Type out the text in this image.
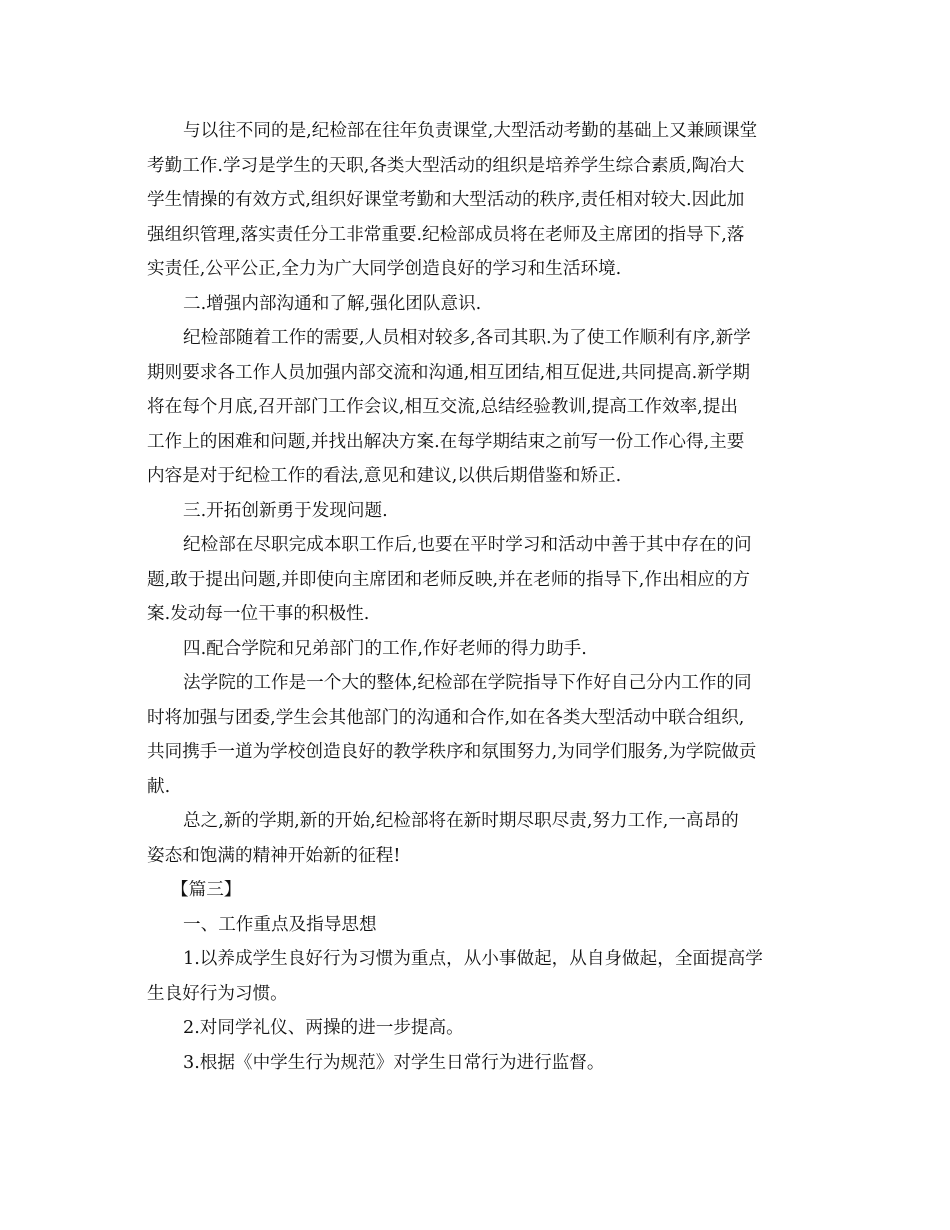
与以往不同的是,纪检部在往年负责课堂,大型活动考勤的基础上又兼顾课堂
考勤工作.学习是学生的天职,各类大型活动的组织是培养学生综合素质,陶冶大
学生情操的有效方式,组织好课堂考勤和大型活动的秩序,责任相对较大.因此加
强组织管理,落实责任分工非常重要.纪检部成员将在老师及主席团的指导下,落
实责任,公平公正,全力为广大同学创造良好的学习和生活环境.
二.增强内部沟通和了解,强化团队意识.
纪检部随着工作的需要,人员相对较多,各司其职.为了使工作顺利有序,新学
期则要求各工作人员加强内部交流和沟通,相互团结,相互促进,共同提高.新学期
将在每个月底,召开部门工作会议,相互交流,总结经验教训,提高工作效率,提出
工作上的困难和问题,并找出解决方案.在每学期结束之前写一份工作心得,主要
内容是对于纪检工作的看法,意见和建议,以供后期借鉴和矫正.
三.开拓创新勇于发现问题.
纪检部在尽职完成本职工作后,也要在平时学习和活动中善于其中存在的问
题,敢于提出问题,并即使向主席团和老师反映,并在老师的指导下,作出相应的方
案.发动每一位干事的积极性.
四.配合学院和兄弟部门的工作,作好老师的得力助手.
法学院的工作是一个大的整体,纪检部在学院指导下作好自己分内工作的同
时将加强与团委,学生会其他部门的沟通和合作,如在各类大型活动中联合组织,
共同携手一道为学校创造良好的教学秩序和氛围努力,为同学们服务,为学院做贡
献.
总之,新的学期,新的开始,纪检部将在新时期尽职尽责,努力工作,一高昂的
姿态和饱满的精神开始新的征程!
【篇三】
一、工作重点及指导思想
1.以养成学生良好行为习惯为重点，从小事做起，从自身做起，全面提高学
生良好行为习惯。
2.对同学礼仪、两操的进一步提高。
3.根据《中学生行为规范》对学生日常行为进行监督。
